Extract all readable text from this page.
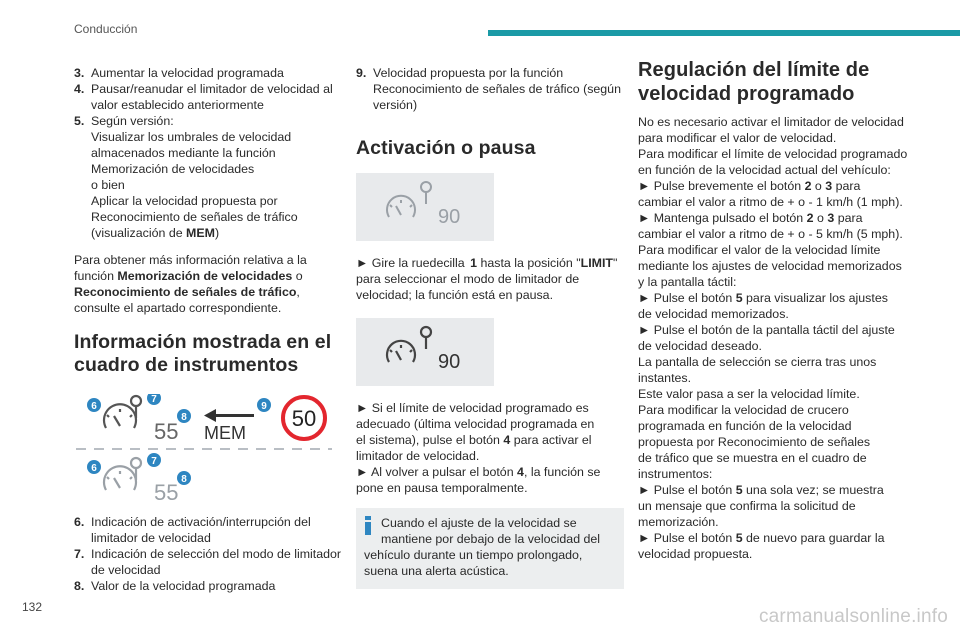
Conducción
3. Aumentar la velocidad programada
4. Pausar/reanudar el limitador de velocidad al
valor establecido anteriormente
5. Según versión:
Visualizar los umbrales de velocidad
almacenados mediante la función
Memorización de velocidades
o bien
Aplicar la velocidad propuesta por
Reconocimiento de señales de tráfico
(visualización de MEM)
Para obtener más información relativa a la
función Memorización de velocidades o
Reconocimiento de señales de tráfico,
consulte el apartado correspondiente.
Información mostrada en el
cuadro de instrumentos
55 MEM
50
6
7
8
9
55
6
7
8
6. Indicación de activación/interrupción del
limitador de velocidad
7. Indicación de selección del modo de limitador
de velocidad
8. Valor de la velocidad programada
9. Velocidad propuesta por la función
Reconocimiento de señales de tráfico (según
versión)
Activación o pausa
90
► Gire la ruedecilla 1 hasta la posición "LIMIT"
para seleccionar el modo de limitador de
velocidad; la función está en pausa.
90
► Si el límite de velocidad programado es
adecuado (última velocidad programada en
el sistema), pulse el botón 4 para activar el
limitador de velocidad.
► Al volver a pulsar el botón 4, la función se
pone en pausa temporalmente.
Cuando el ajuste de la velocidad se
mantiene por debajo de la velocidad del
vehículo durante un tiempo prolongado,
suena una alerta acústica.
Regulación del límite de
velocidad programado
No es necesario activar el limitador de velocidad
para modificar el valor de velocidad.
Para modificar el límite de velocidad programado
en función de la velocidad actual del vehículo:
► Pulse brevemente el botón 2 o 3 para
cambiar el valor a ritmo de + o - 1 km/h (1 mph).
► Mantenga pulsado el botón 2 o 3 para
cambiar el valor a ritmo de + o - 5 km/h (5 mph).
Para modificar el valor de la velocidad límite
mediante los ajustes de velocidad memorizados
y la pantalla táctil:
► Pulse el botón 5 para visualizar los ajustes
de velocidad memorizados.
► Pulse el botón de la pantalla táctil del ajuste
de velocidad deseado.
La pantalla de selección se cierra tras unos
instantes.
Este valor pasa a ser la velocidad límite.
Para modificar la velocidad de crucero
programada en función de la velocidad
propuesta por Reconocimiento de señales
de tráfico que se muestra en el cuadro de
instrumentos:
► Pulse el botón 5 una sola vez; se muestra
un mensaje que confirma la solicitud de
memorización.
► Pulse el botón 5 de nuevo para guardar la
velocidad propuesta.
132	carmanualsonline.info
